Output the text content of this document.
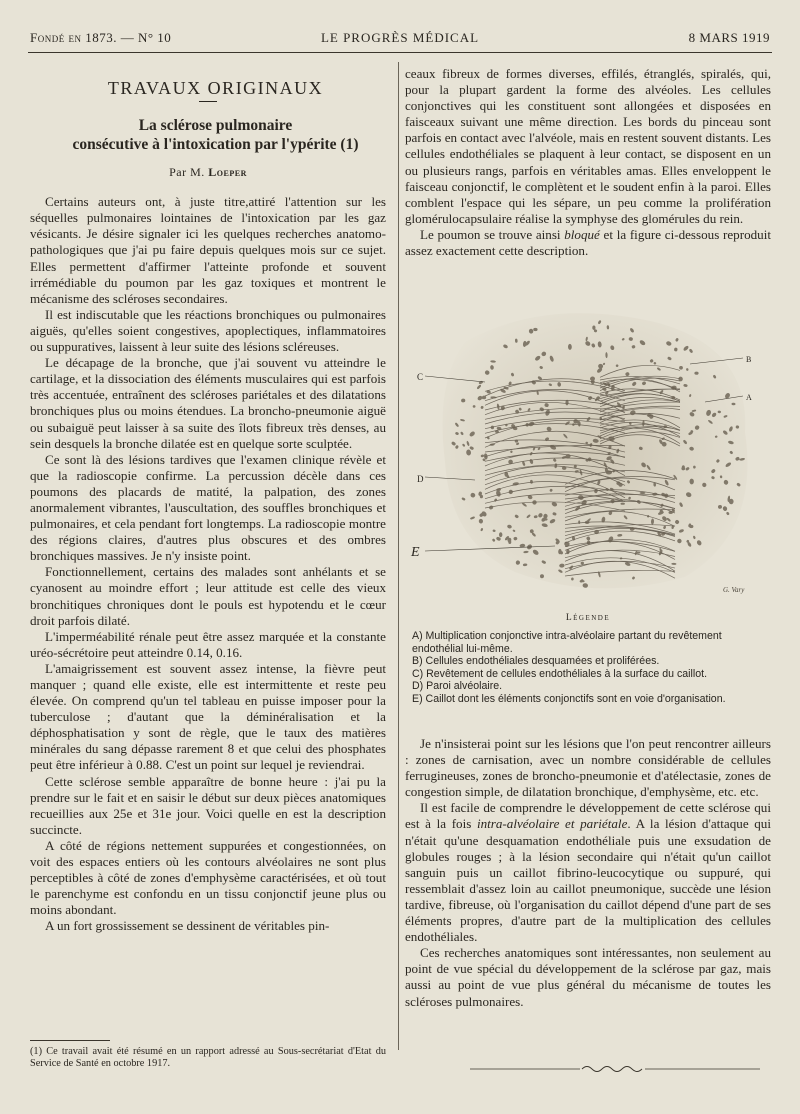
Fondé en 1873. — N° 10	LE PROGRÈS MÉDICAL	8 MARS 1919

TRAVAUX ORIGINAUX

La sclérose pulmonaire

consécutive à l'intoxication par l'ypérite (1)

Par M. Loeper

Certains auteurs ont, à juste titre,attiré l'attention sur les séquelles pulmonaires lointaines de l'intoxication par les gaz vésicants. Je désire signaler ici les quelques recherches anatomo-pathologiques que j'ai pu faire depuis quelques mois sur ce sujet. Elles permettent d'affirmer l'atteinte profonde et souvent irrémédiable du poumon par les gaz toxiques et montrent le mécanisme des scléroses secondaires.

Il est indiscutable que les réactions bronchiques ou pulmonaires aiguës, qu'elles soient congestives, apoplectiques, inflammatoires ou suppuratives, laissent à leur suite des lésions scléreuses.

Le décapage de la bronche, que j'ai souvent vu atteindre le cartilage, et la dissociation des éléments musculaires qui est parfois très accentuée, entraînent des scléroses pariétales et des dilatations bronchiques plus ou moins étendues. La broncho-pneumonie aiguë ou subaiguë peut laisser à sa suite des îlots fibreux très denses, au sein desquels la bronche dilatée est en quelque sorte sculptée.

Ce sont là des lésions tardives que l'examen clinique révèle et que la radioscopie confirme. La percussion décèle dans ces poumons des placards de matité, la palpation, des zones anormalement vibrantes, l'auscultation, des souffles bronchiques et pulmonaires, et cela pendant fort longtemps. La radioscopie montre des régions claires, d'autres plus obscures et des ombres bronchiques massives. Je n'y insiste point.

Fonctionnellement, certains des malades sont anhélants et se cyanosent au moindre effort ; leur attitude est celle des vieux bronchitiques chroniques dont le pouls est hypotendu et le cœur droit parfois dilaté.

L'imperméabilité rénale peut être assez marquée et la constante uréo-sécrétoire peut atteindre 0.14, 0.16.

L'amaigrissement est souvent assez intense, la fièvre peut manquer ; quand elle existe, elle est intermittente et reste peu élevée. On comprend qu'un tel tableau en puisse imposer pour la tuberculose ; d'autant que la déminéralisation et la déphosphatisation y sont de règle, que le taux des matières minérales du sang dépasse rarement 8 et que celui des phosphates peut être inférieur à 0.88. C'est un point sur lequel je reviendrai.

Cette sclérose semble apparaître de bonne heure : j'ai pu la prendre sur le fait et en saisir le début sur deux pièces anatomiques recueillies aux 25e et 31e jour. Voici quelle en est la description succincte.

A côté de régions nettement suppurées et congestionnées, on voit des espaces entiers où les contours alvéolaires ne sont plus perceptibles à côté de zones d'emphysème caractérisées, et où tout le parenchyme est confondu en un tissu conjonctif jeune plus ou moins abondant.

A un fort grossissement se dessinent de véritables pin-

(1) Ce travail avait été résumé en un rapport adressé au Sous-secrétariat d'Etat du Service de Santé en octobre 1917.

ceaux fibreux de formes diverses, effilés, étranglés, spiralés, qui, pour la plupart gardent la forme des alvéoles. Les cellules conjonctives qui les constituent sont allongées et disposées en faisceaux suivant une même direction. Les bords du pinceau sont parfois en contact avec l'alvéole, mais en restent souvent distants. Les cellules endothéliales se plaquent à leur contact, se disposent en un ou plusieurs rangs, parfois en véritables amas. Elles enveloppent le faisceau conjonctif, le complètent et le soudent enfin à la paroi. Elles comblent l'espace qui les sépare, un peu comme la prolifération glomérulocapsulaire réalise la symphyse des glomérules du rein.

Le poumon se trouve ainsi bloqué et la figure ci-dessous reproduit assez exactement cette description.

C
D
E
B
A
G. Vary
Légende
A) Multiplication conjonctive intra-alvéolaire partant du revêtement endothélial lui-même.
B) Cellules endothéliales desquamées et proliférées.
C) Revêtement de cellules endothéliales à la surface du caillot.
D) Paroi alvéolaire.
E) Caillot dont les éléments conjonctifs sont en voie d'organisation.

Je n'insisterai point sur les lésions que l'on peut rencontrer ailleurs : zones de carnisation, avec un nombre considérable de cellules ferrugineuses, zones de broncho-pneumonie et d'atélectasie, zones de congestion simple, de dilatation bronchique, d'emphysème, etc. etc.

Il est facile de comprendre le développement de cette sclérose qui est à la fois intra-alvéolaire et pariétale. A la lésion d'attaque qui n'était qu'une desquamation endothéliale puis une exsudation de globules rouges ; à la lésion secondaire qui n'était qu'un caillot sanguin puis un caillot fibrino-leucocytique ou suppuré, qui ressemblait d'assez loin au caillot pneumonique, succède une lésion tardive, fibreuse, où l'organisation du caillot dépend d'une part de ses éléments propres, d'autre part de la multiplication des cellules endothéliales.

Ces recherches anatomiques sont intéressantes, non seulement au point de vue spécial du développement de la sclérose par gaz, mais aussi au point de vue plus général du mécanisme de toutes les scléroses pulmonaires.
